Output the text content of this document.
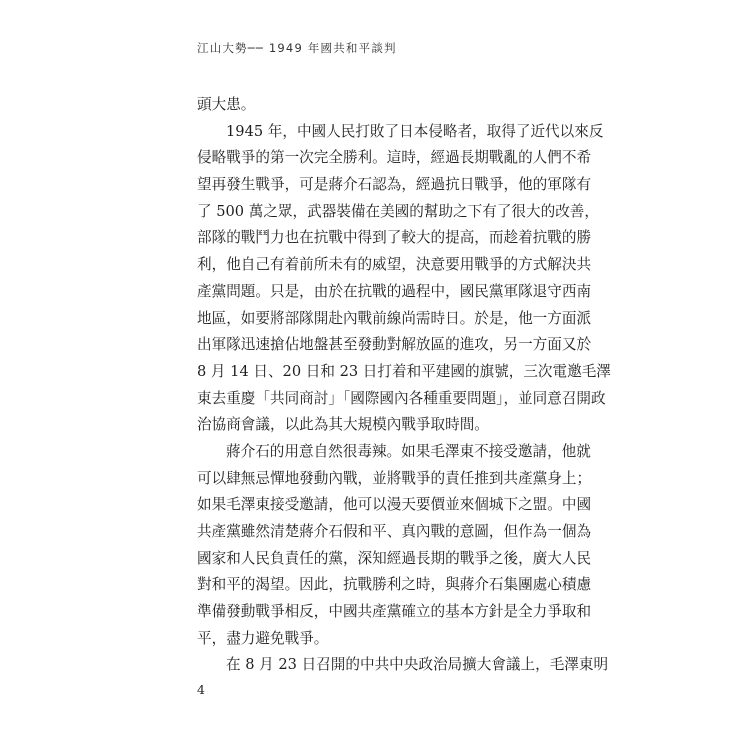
江山大勢── 1949 年國共和平談判
頭大患。
1945 年，中國人民打敗了日本侵略者，取得了近代以來反
侵略戰爭的第一次完全勝利。這時，經過長期戰亂的人們不希
望再發生戰爭，可是蔣介石認為，經過抗日戰爭，他的軍隊有
了 500 萬之眾，武器裝備在美國的幫助之下有了很大的改善，
部隊的戰鬥力也在抗戰中得到了較大的提高，而趁着抗戰的勝
利，他自己有着前所未有的威望，決意要用戰爭的方式解決共
產黨問題。只是，由於在抗戰的過程中，國民黨軍隊退守西南
地區，如要將部隊開赴內戰前線尚需時日。於是，他一方面派
出軍隊迅速搶佔地盤甚至發動對解放區的進攻，另一方面又於
8 月 14 日、20 日和 23 日打着和平建國的旗號，三次電邀毛澤
東去重慶「共同商討」「國際國內各種重要問題」，並同意召開政
治協商會議，以此為其大規模內戰爭取時間。
蔣介石的用意自然很毒辣。如果毛澤東不接受邀請，他就
可以肆無忌憚地發動內戰，並將戰爭的責任推到共產黨身上；
如果毛澤東接受邀請，他可以漫天要價並來個城下之盟。中國
共產黨雖然清楚蔣介石假和平、真內戰的意圖，但作為一個為
國家和人民負責任的黨，深知經過長期的戰爭之後，廣大人民
對和平的渴望。因此，抗戰勝利之時，與蔣介石集團處心積慮
準備發動戰爭相反，中國共產黨確立的基本方針是全力爭取和
平，盡力避免戰爭。
在 8 月 23 日召開的中共中央政治局擴大會議上，毛澤東明
4
